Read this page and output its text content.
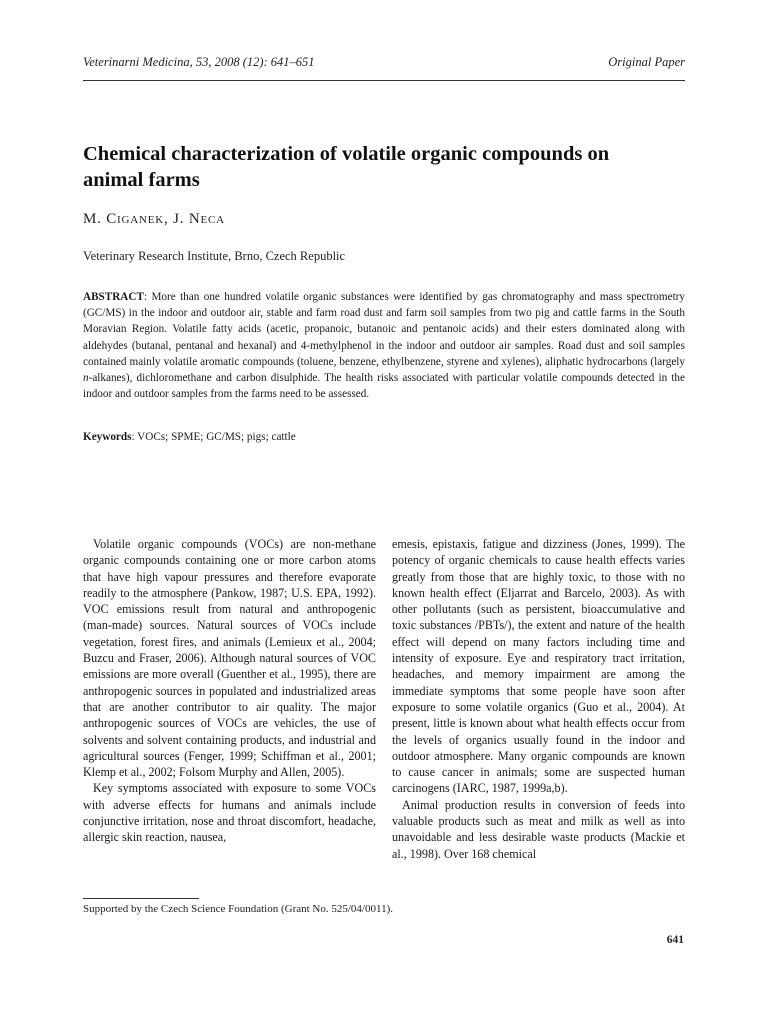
Veterinarni Medicina, 53, 2008 (12): 641–651	Original Paper
Chemical characterization of volatile organic compounds on animal farms
M. Ciganek, J. Neca
Veterinary Research Institute, Brno, Czech Republic

ABSTRACT: More than one hundred volatile organic substances were identified by gas chromatography and mass spectrometry (GC/MS) in the indoor and outdoor air, stable and farm road dust and farm soil samples from two pig and cattle farms in the South Moravian Region. Volatile fatty acids (acetic, propanoic, butanoic and pentanoic acids) and their esters dominated along with aldehydes (butanal, pentanal and hexanal) and 4-methylphenol in the indoor and outdoor air samples. Road dust and soil samples contained mainly volatile aromatic compounds (toluene, benzene, ethylbenzene, styrene and xylenes), aliphatic hydrocarbons (largely n-alkanes), dichloromethane and carbon disulphide. The health risks associated with particular volatile compounds detected in the indoor and outdoor samples from the farms need to be assessed.

Keywords: VOCs; SPME; GC/MS; pigs; cattle

Volatile organic compounds (VOCs) are non-methane organic compounds containing one or more carbon atoms that have high vapour pressures and therefore evaporate readily to the atmosphere (Pankow, 1987; U.S. EPA, 1992). VOC emissions result from natural and anthropogenic (man-made) sources. Natural sources of VOCs include vegetation, forest fires, and animals (Lemieux et al., 2004; Buzcu and Fraser, 2006). Although natural sources of VOC emissions are more overall (Guenther et al., 1995), there are anthropogenic sources in populated and industrialized areas that are another contributor to air quality. The major anthropogenic sources of VOCs are vehicles, the use of solvents and solvent containing products, and industrial and agricultural sources (Fenger, 1999; Schiffman et al., 2001; Klemp et al., 2002; Folsom Murphy and Allen, 2005).

Key symptoms associated with exposure to some VOCs with adverse effects for humans and animals include conjunctive irritation, nose and throat discomfort, headache, allergic skin reaction, nausea,

emesis, epistaxis, fatigue and dizziness (Jones, 1999). The potency of organic chemicals to cause health effects varies greatly from those that are highly toxic, to those with no known health effect (Eljarrat and Barcelo, 2003). As with other pollutants (such as persistent, bioaccumulative and toxic substances /PBTs/), the extent and nature of the health effect will depend on many factors including time and intensity of exposure. Eye and respiratory tract irritation, headaches, and memory impairment are among the immediate symptoms that some people have soon after exposure to some volatile organics (Guo et al., 2004). At present, little is known about what health effects occur from the levels of organics usually found in the indoor and outdoor atmosphere. Many organic compounds are known to cause cancer in animals; some are suspected human carcinogens (IARC, 1987, 1999a,b).

Animal production results in conversion of feeds into valuable products such as meat and milk as well as into unavoidable and less desirable waste products (Mackie et al., 1998). Over 168 chemical

Supported by the Czech Science Foundation (Grant No. 525/04/0011).
641
